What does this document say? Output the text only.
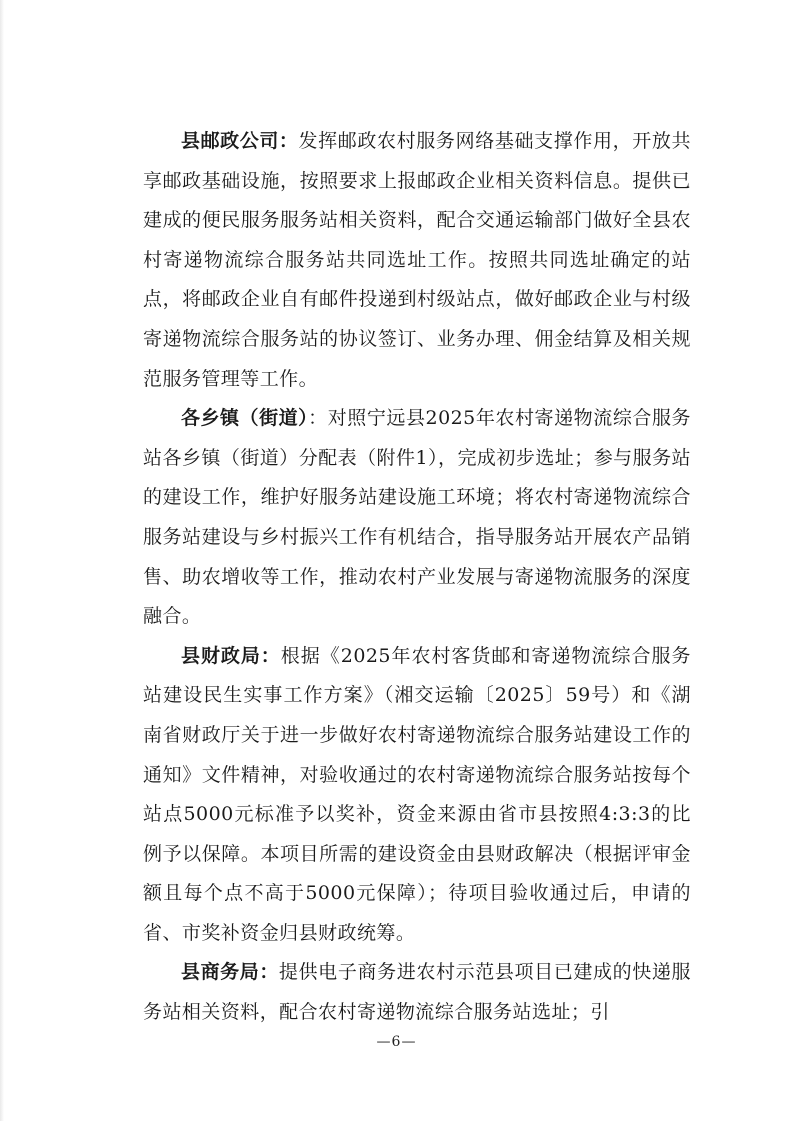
县邮政公司：发挥邮政农村服务网络基础支撑作用，开放共享邮政基础设施，按照要求上报邮政企业相关资料信息。提供已建成的便民服务服务站相关资料，配合交通运输部门做好全县农村寄递物流综合服务站共同选址工作。按照共同选址确定的站点，将邮政企业自有邮件投递到村级站点，做好邮政企业与村级寄递物流综合服务站的协议签订、业务办理、佣金结算及相关规范服务管理等工作。

各乡镇（街道）：对照宁远县2025年农村寄递物流综合服务站各乡镇（街道）分配表（附件1），完成初步选址；参与服务站的建设工作，维护好服务站建设施工环境；将农村寄递物流综合服务站建设与乡村振兴工作有机结合，指导服务站开展农产品销售、助农增收等工作，推动农村产业发展与寄递物流服务的深度融合。

县财政局：根据《2025年农村客货邮和寄递物流综合服务站建设民生实事工作方案》（湘交运输〔2025〕59号）和《湖南省财政厅关于进一步做好农村寄递物流综合服务站建设工作的通知》文件精神，对验收通过的农村寄递物流综合服务站按每个站点5000元标准予以奖补，资金来源由省市县按照4:3:3的比例予以保障。本项目所需的建设资金由县财政解决（根据评审金额且每个点不高于5000元保障）；待项目验收通过后，申请的省、市奖补资金归县财政统筹。

县商务局：提供电子商务进农村示范县项目已建成的快递服务站相关资料，配合农村寄递物流综合服务站选址；引

—6—
